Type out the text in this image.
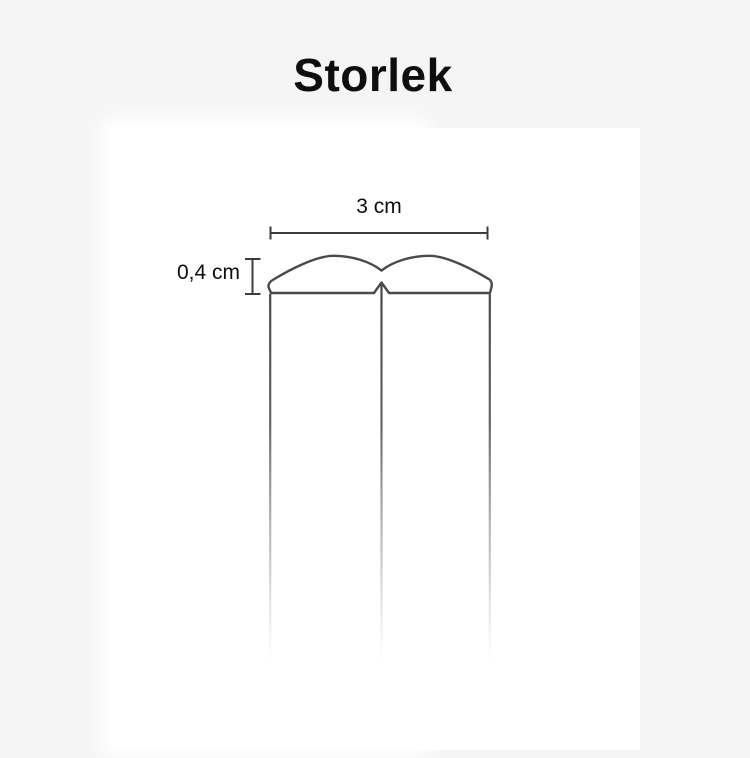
Storlek
3 cm
0,4 cm
